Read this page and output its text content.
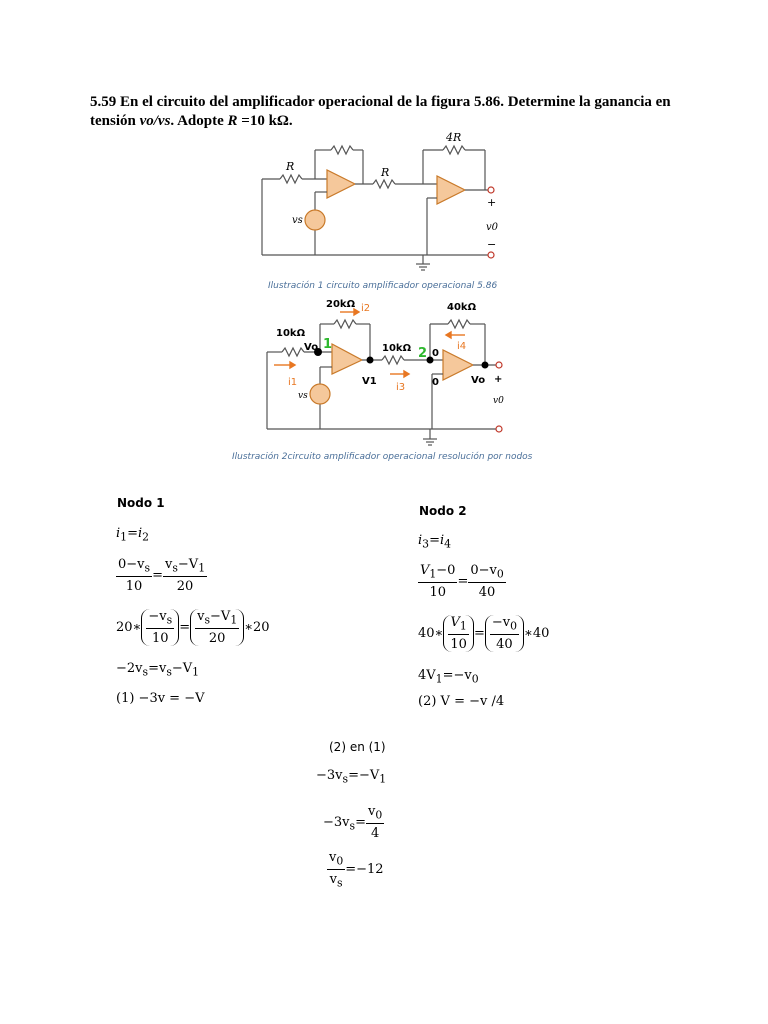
5.59 En el circuito del amplificador operacional de la figura 5.86. Determine la ganancia en tensión vo/vs. Adopte R =10 kΩ.
R	R
4R
vs
+
−
v0
Ilustración 1 circuito amplificador operacional 5.86
20kΩ i2
10kΩ
Vo 1
i1
vs
V1
10kΩ
i3
2 0
0
40kΩ
i4
Vo +
v0
Ilustración 2circuito amplificador operacional resolución por nodos
Nodo 1
$i_1=i_2$
$\frac{0-v_s}{10} = \frac{v_s-V_1}{20}$
20∗ $\frac{-v_s}{10} = \frac{v_s-V_1}{20}$ ∗20
$-2v_s=v_s-V_1$
(1) −3v = −V
Nodo 2
$i_3=i_4$
$\frac{V_1-0}{10} = \frac{0-v_0}{40}$
40∗ $\frac{V_1}{10} = \frac{-v_0}{40}$ ∗40
$4V_1=-v_0$
(2) V = −v /4
(2) en (1)
$-3v_s=-V_1$
$-3v_s= \frac{v_0}{4}$
$\frac{v_0}{v_s} =-12$
